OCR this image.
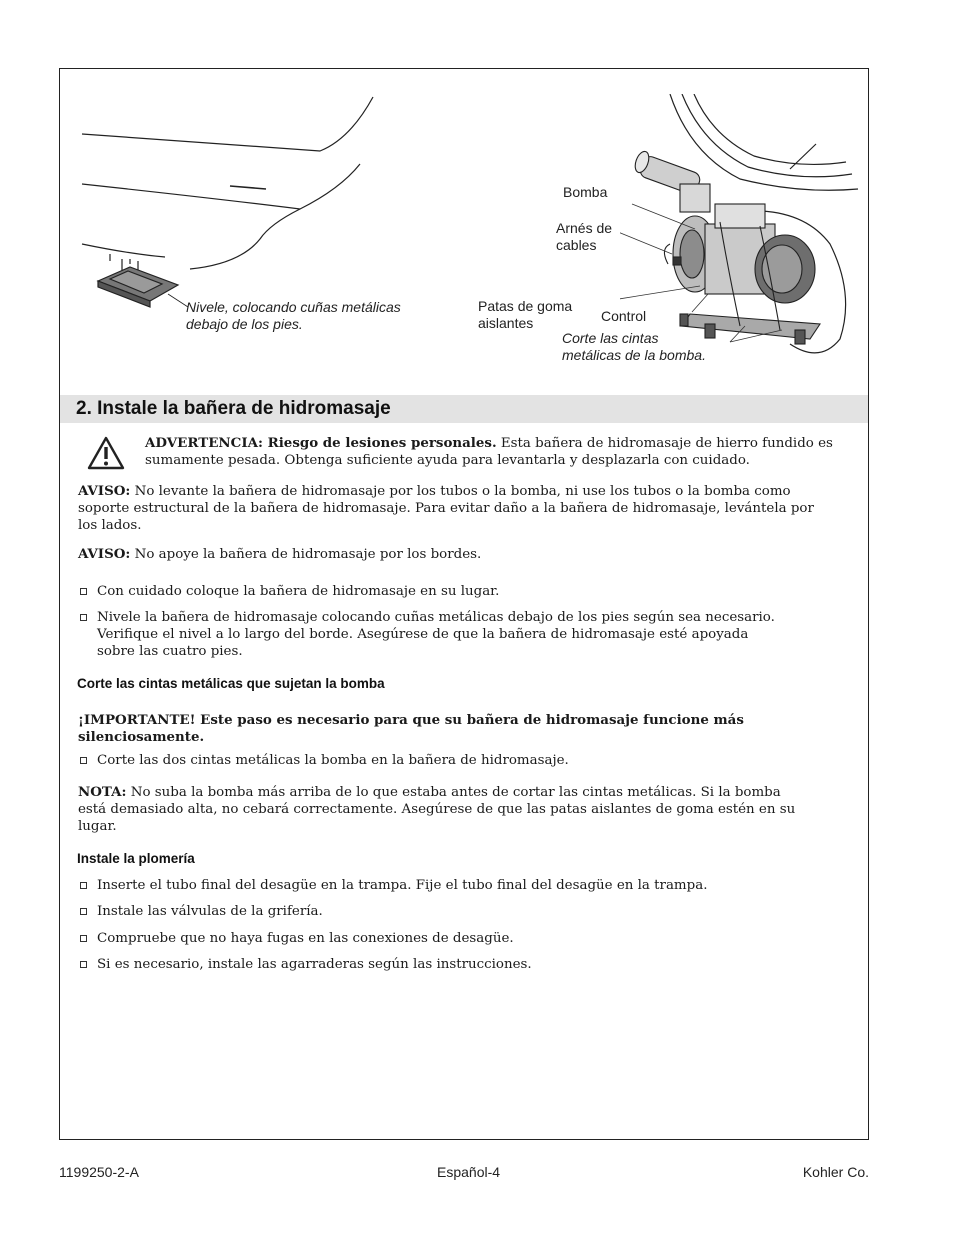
Nivele, colocando cuñas metálicas
debajo de los pies.
Bomba
Arnés de
cables
Patas de goma
aislantes	Control
Corte las cintas
metálicas de la bomba.
2. Instale la bañera de hidromasaje

ADVERTENCIA: Riesgo de lesiones personales. Esta bañera de hidromasaje de hierro fundido es
sumamente pesada. Obtenga suficiente ayuda para levantarla y desplazarla con cuidado.

AVISO: No levante la bañera de hidromasaje por los tubos o la bomba, ni use los tubos o la bomba como
soporte estructural de la bañera de hidromasaje. Para evitar daño a la bañera de hidromasaje, levántela por
los lados.

AVISO: No apoye la bañera de hidromasaje por los bordes.

Con cuidado coloque la bañera de hidromasaje en su lugar.
Nivele la bañera de hidromasaje colocando cuñas metálicas debajo de los pies según sea necesario.
Verifique el nivel a lo largo del borde. Asegúrese de que la bañera de hidromasaje esté apoyada
sobre las cuatro pies.
Corte las cintas metálicas que sujetan la bomba

¡IMPORTANTE! Este paso es necesario para que su bañera de hidromasaje funcione más
silenciosamente.

Corte las dos cintas metálicas la bomba en la bañera de hidromasaje.

NOTA: No suba la bomba más arriba de lo que estaba antes de cortar las cintas metálicas. Si la bomba
está demasiado alta, no cebará correctamente. Asegúrese de que las patas aislantes de goma estén en su
lugar.

Instale la plomería
Inserte el tubo final del desagüe en la trampa. Fije el tubo final del desagüe en la trampa.
Instale las válvulas de la grifería.
Compruebe que no haya fugas en las conexiones de desagüe.
Si es necesario, instale las agarraderas según las instrucciones.
1199250-2-A	Español-4	Kohler Co.
